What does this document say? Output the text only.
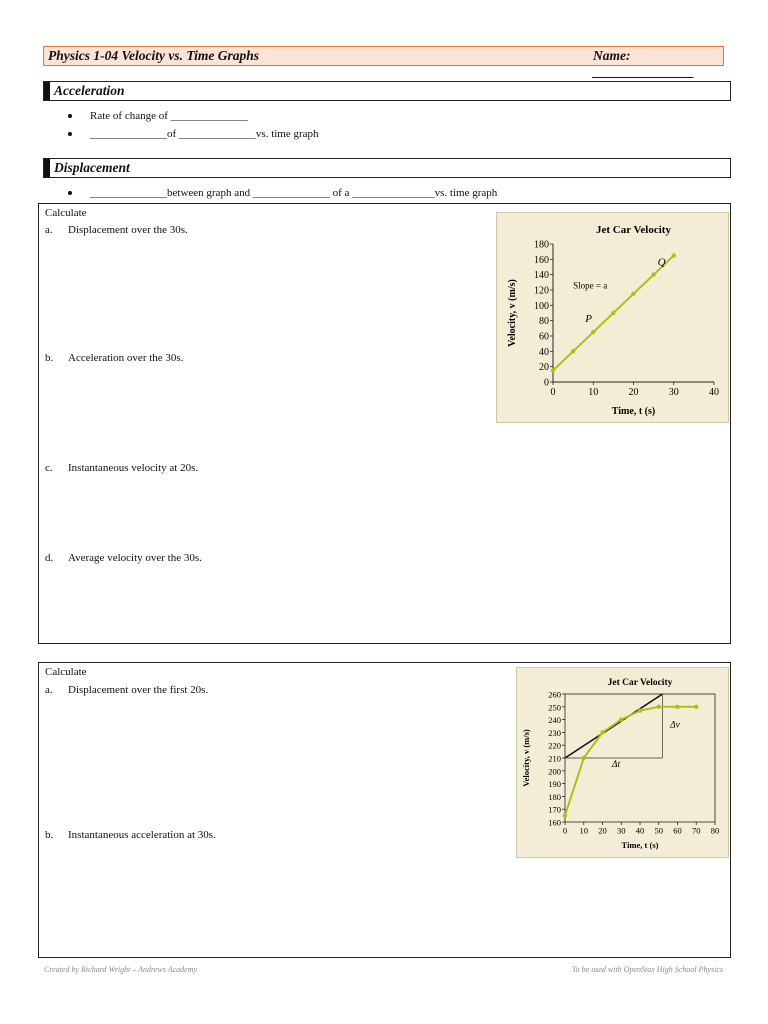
Physics 1-04 Velocity vs. Time Graphs	Name: _______________
Acceleration
Rate of change of ______________
______________of ______________vs. time graph
Displacement
______________between graph and ______________ of a _______________vs. time graph
Calculate
a. Displacement over the 30s.
b. Acceleration over the 30s.
c. Instantaneous velocity at 20s.
d. Average velocity over the 30s.
Jet Car Velocity
0
20
40
60
80
100
120
140
160
180
0	10	20	30	40
Time, t (s)
Velocity, v (m/s)	P
Q
Slope = a
Calculate
a. Displacement over the first 20s.
b. Instantaneous acceleration at 30s.
Jet Car Velocity
160
170
180
190
200
210
220
230
240
250
260
0 10 20 30 40 50 60 70 80
Time, t (s)
Velocity, v (m/s)
Δv
Δt
Created by Richard Wright – Andrews Academy	To be used with OpenStax High School Physics
